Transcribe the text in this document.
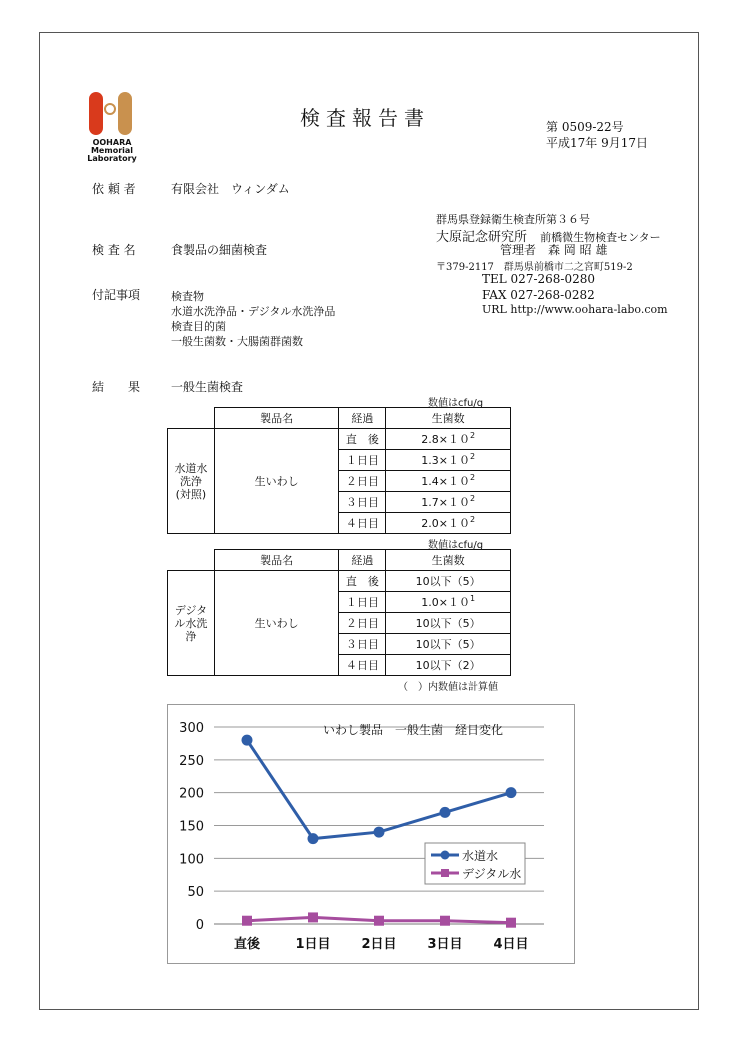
OOHARA
Memorial
Laboratory
検査報告書	第 0509-22号
平成17年 9月17日
依 頼 者	有限会社　ウィンダム
群馬県登録衛生検査所第３６号
大原記念研究所 前橋微生物検査センター
管理者　森 岡 昭 雄
〒379-2117　群馬県前橋市二之宮町519-2
TEL 027-268-0280
FAX 027-268-0282
URL http://www.oohara-labo.com
検 査 名	食製品の細菌検査
付記事項	検査物
水道水洗浄品・デジタル水洗浄品
検査目的菌
一般生菌数・大腸菌群菌数
結　　果	一般生菌検査
数値はcfu/g
	製品名	経過	生菌数
水道水
洗浄
(対照)	生いわし	直　後	$2.8\times 10^2$
		１日目	$1.3\times 10^2$
		２日目	$1.4\times 10^2$
		３日目	$1.7\times 10^2$
		４日目	$2.0\times 10^2$
数値はcfu/g
	製品名	経過	生菌数
デジタ
ル水洗
浄	生いわし	直　後	10以下（5）
		１日目	$1.0\times 10^1$
		２日目	10以下（5）
		３日目	10以下（5）
		４日目	10以下（2）
（　）内数値は計算値
0
50
100
150
200
250
300
直後	1日目 2日目 3日目 4日目
水道水
デジタル水
いわし製品　一般生菌　経日変化
